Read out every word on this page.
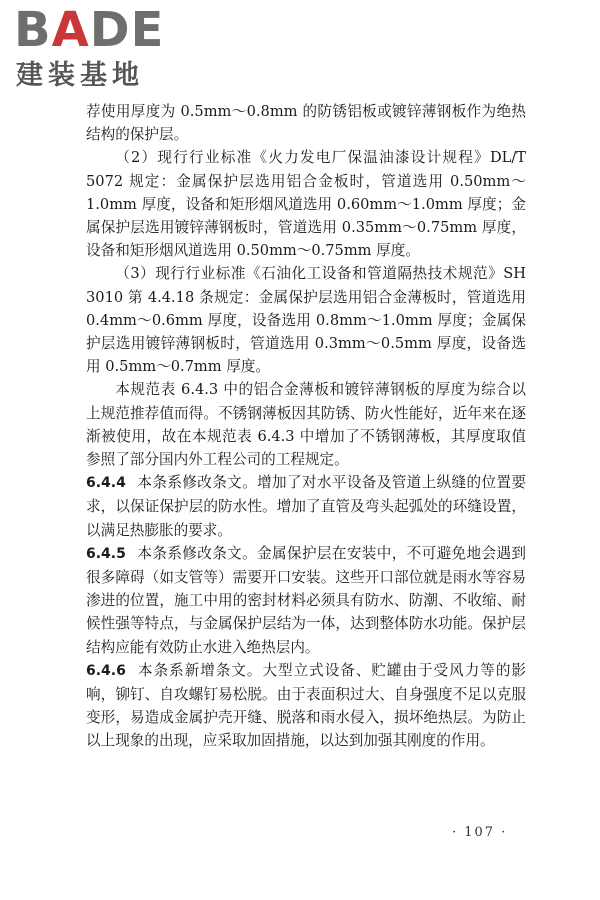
BADE
建装基地

荐使用厚度为 0.5mm～0.8mm 的防锈铝板或镀锌薄钢板作为绝热结构的保护层。

（2）现行行业标准《火力发电厂保温油漆设计规程》DL/T 5072 规定：金属保护层选用铝合金板时，管道选用 0.50mm～1.0mm 厚度，设备和矩形烟风道选用 0.60mm～1.0mm 厚度；金属保护层选用镀锌薄钢板时，管道选用 0.35mm～0.75mm 厚度，设备和矩形烟风道选用 0.50mm～0.75mm 厚度。

（3）现行行业标准《石油化工设备和管道隔热技术规范》SH 3010 第 4.4.18 条规定：金属保护层选用铝合金薄板时，管道选用 0.4mm～0.6mm 厚度，设备选用 0.8mm～1.0mm 厚度；金属保护层选用镀锌薄钢板时，管道选用 0.3mm～0.5mm 厚度，设备选用 0.5mm～0.7mm 厚度。

本规范表 6.4.3 中的铝合金薄板和镀锌薄钢板的厚度为综合以上规范推荐值而得。不锈钢薄板因其防锈、防火性能好，近年来在逐渐被使用，故在本规范表 6.4.3 中增加了不锈钢薄板，其厚度取值参照了部分国内外工程公司的工程规定。

6.4.4 本条系修改条文。增加了对水平设备及管道上纵缝的位置要求，以保证保护层的防水性。增加了直管及弯头起弧处的环缝设置，以满足热膨胀的要求。

6.4.5 本条系修改条文。金属保护层在安装中，不可避免地会遇到很多障碍（如支管等）需要开口安装。这些开口部位就是雨水等容易渗进的位置，施工中用的密封材料必须具有防水、防潮、不收缩、耐候性强等特点，与金属保护层结为一体，达到整体防水功能。保护层结构应能有效防止水进入绝热层内。

6.4.6 本条系新增条文。大型立式设备、贮罐由于受风力等的影响，铆钉、自攻螺钉易松脱。由于表面积过大、自身强度不足以克服变形，易造成金属护壳开缝、脱落和雨水侵入，损坏绝热层。为防止以上现象的出现，应采取加固措施，以达到加强其刚度的作用。

· 107 ·
